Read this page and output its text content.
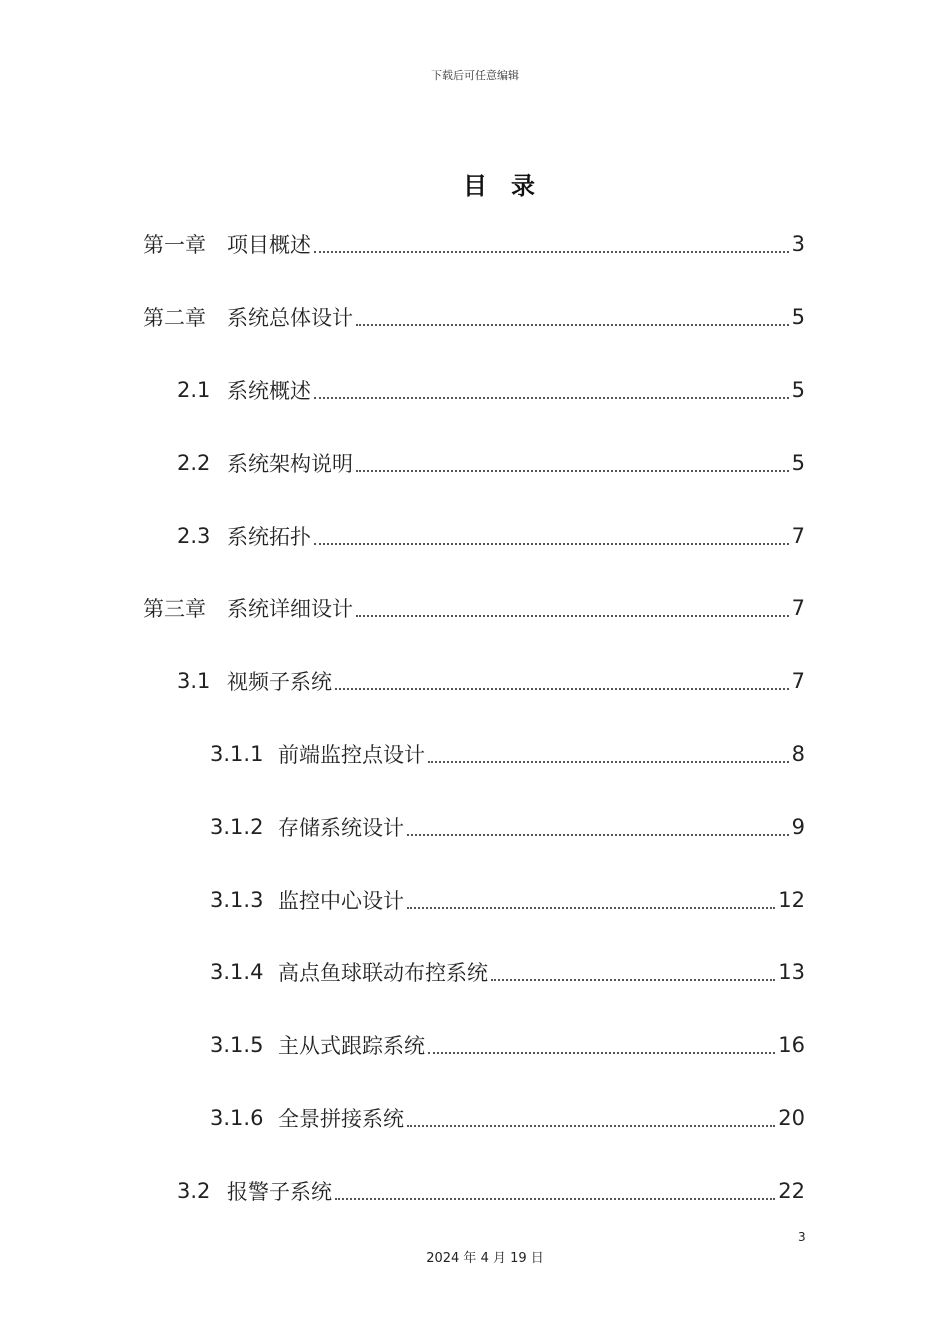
下载后可任意编辑
目录
第一章	项目概述	3
第二章	系统总体设计	5
2.1 系统概述	5
2.2 系统架构说明	5
2.3 系统拓扑	7
第三章	系统详细设计	7
3.1 视频子系统	7
3.1.1 前端监控点设计	8
3.1.2 存储系统设计	9
3.1.3 监控中心设计	12
3.1.4 高点鱼球联动布控系统	13
3.1.5 主从式跟踪系统	16
3.1.6 全景拼接系统	20
3.2 报警子系统	22
3
2024 年 4 月 19 日
